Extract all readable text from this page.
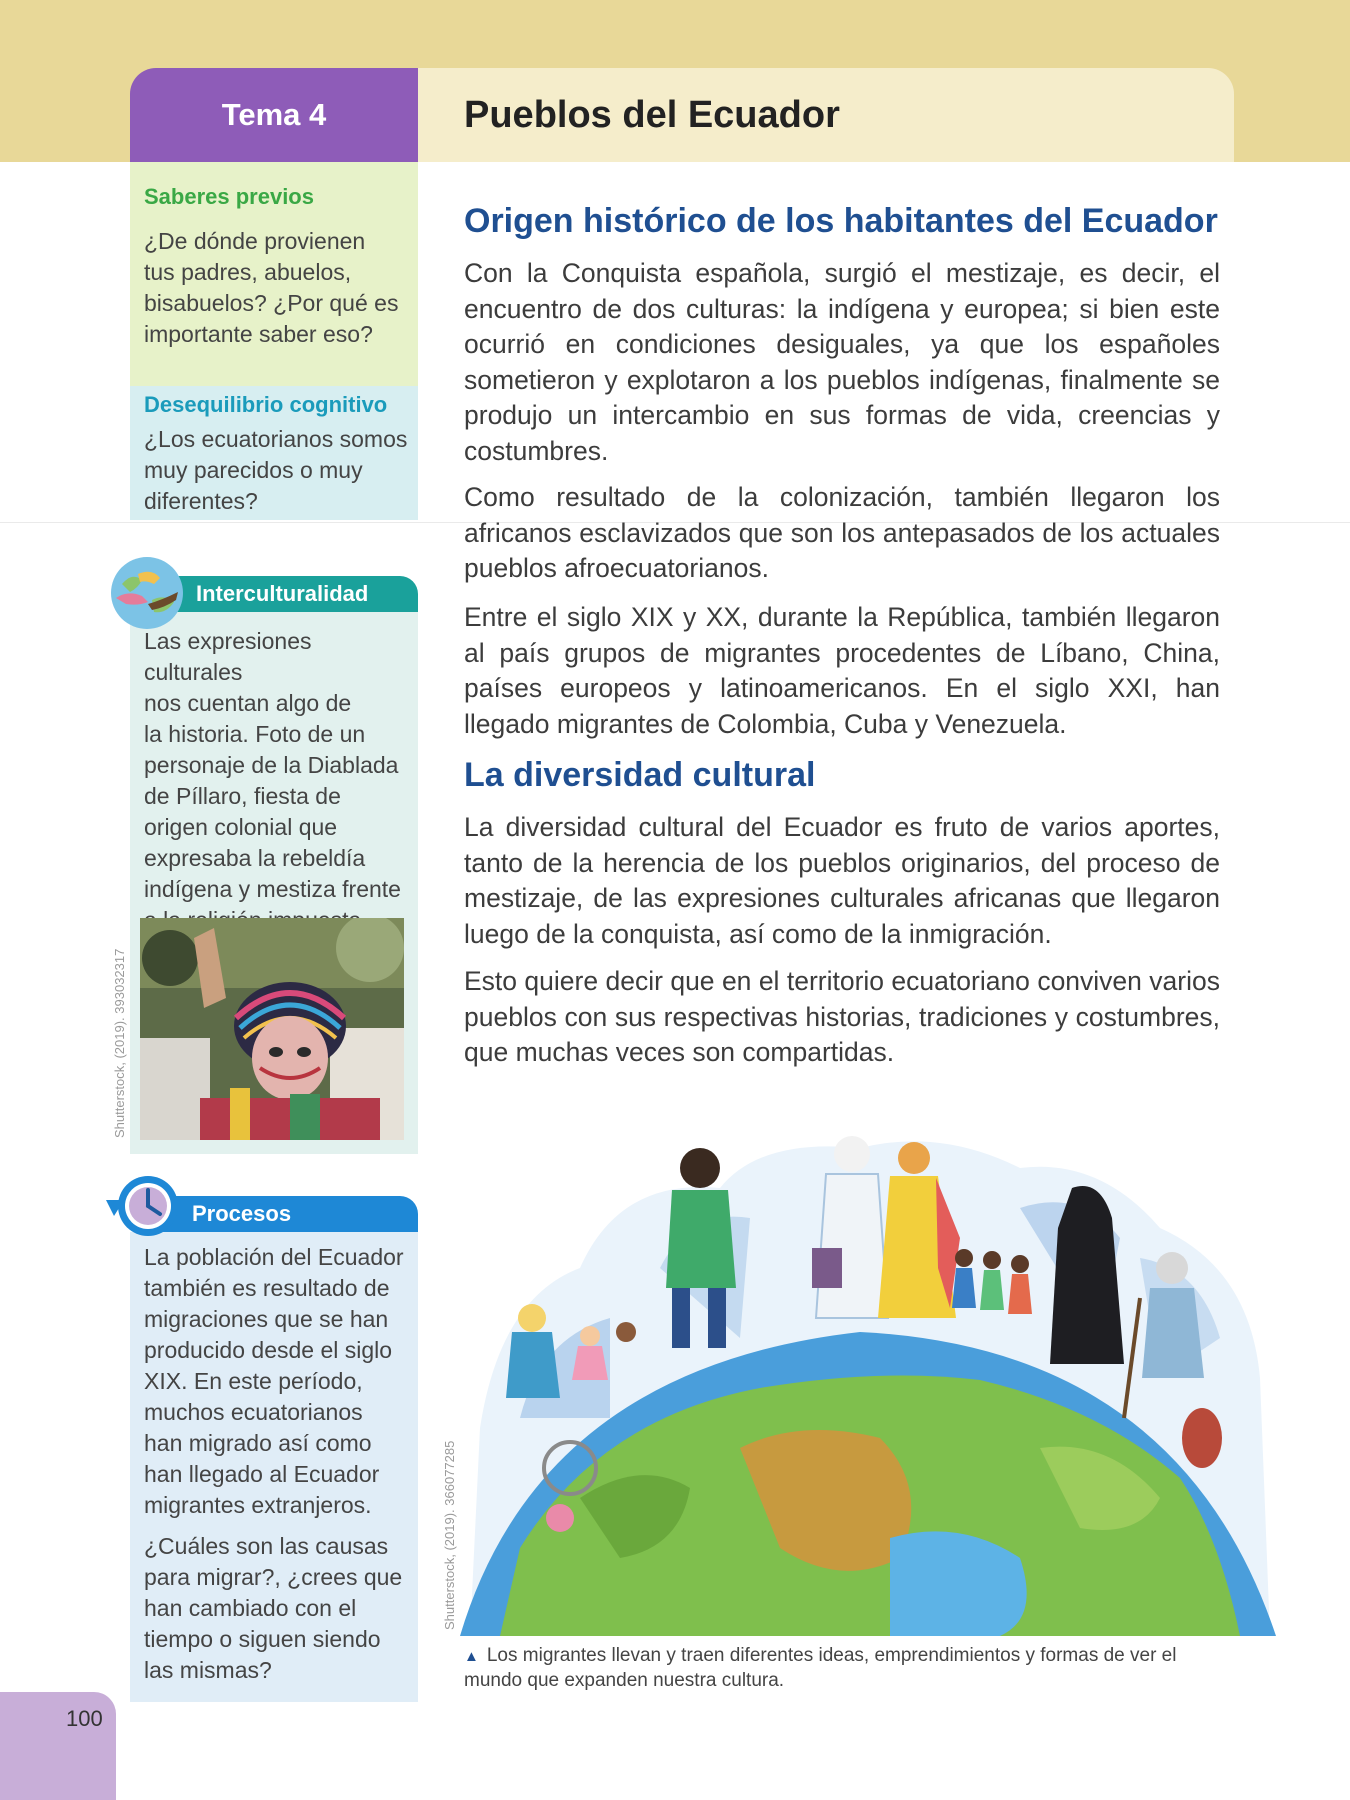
Tema 4	Pueblos del Ecuador
Saberes previos
¿De dónde provienen
tus padres, abuelos,
bisabuelos? ¿Por qué es
importante saber eso?
Desequilibrio cognitivo
¿Los ecuatorianos somos
muy parecidos o muy
diferentes?
Las expresiones culturales
nos cuentan algo de
la historia. Foto de un
personaje de la Diablada
de Píllaro, fiesta de
origen colonial que
expresaba la rebeldía
indígena y mestiza frente
Interculturalidad
Shutterstock, (2019). 393032317
La población del Ecuador
también es resultado de
migraciones que se han
producido desde el siglo
XIX. En este período,
muchos ecuatorianos
han migrado así como
han llegado al Ecuador
migrantes extranjeros.
¿Cuáles son las causas
para migrar?, ¿crees que
han cambiado con el
tiempo o siguen siendo
las mismas?
Procesos
100
Origen histórico de los habitantes del Ecuador

Con la Conquista española, surgió el mestizaje, es decir, el encuentro de dos culturas: la indígena y europea; si bien este ocurrió en condiciones desiguales, ya que los españoles sometieron y explotaron a los pueblos indígenas, finalmente se produjo un intercambio en sus formas de vida, creencias y costumbres.

Como resultado de la colonización, también llegaron los africanos esclavizados que son los antepasados de los actuales pueblos afroecuatorianos.

Entre el siglo XIX y XX, durante la República, también llegaron al país grupos de migrantes procedentes de Líbano, China, países europeos y latinoamericanos. En el siglo XXI, han llegado migrantes de Colombia, Cuba y Venezuela.

La diversidad cultural

La diversidad cultural del Ecuador es fruto de varios aportes, tanto de la herencia de los pueblos originarios, del proceso de mestizaje, de las expresiones culturales africanas que llegaron luego de la conquista, así como de la inmigración.

Esto quiere decir que en el territorio ecuatoriano conviven varios pueblos con sus respectivas historias, tradiciones y costumbres, que muchas veces son compartidas.

Shutterstock, (2019). 366077285
▲ Los migrantes llevan y traen diferentes ideas, emprendimientos y formas de ver el mundo que expanden nuestra cultura.
